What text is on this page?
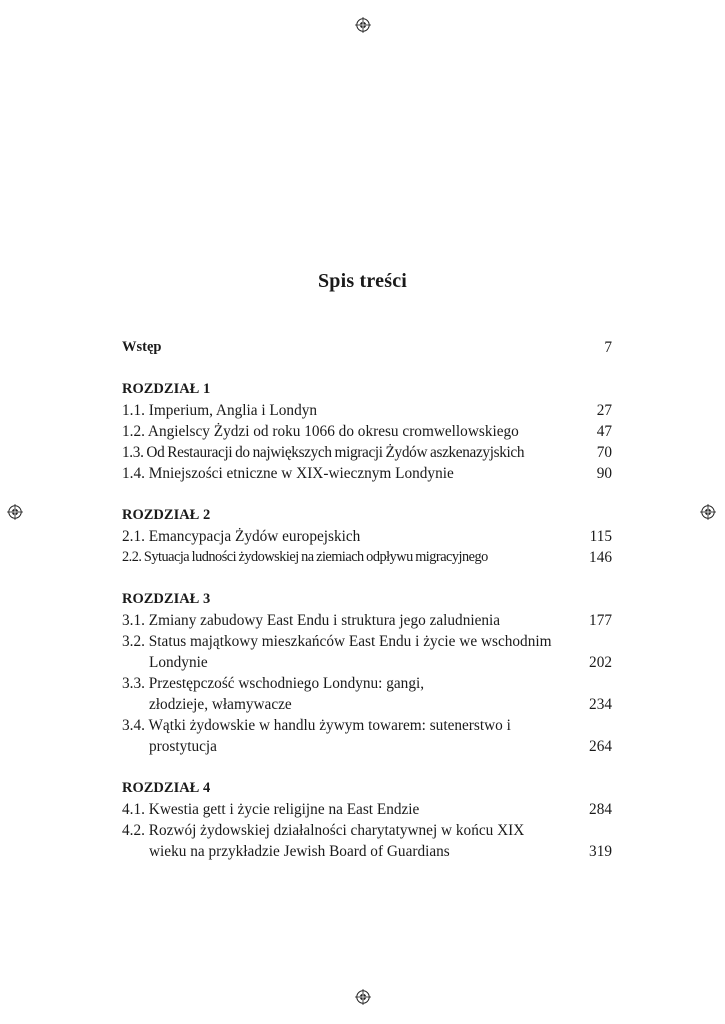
Spis treści
Wstęp	7
ROZDZIAŁ 1
1.1. Imperium, Anglia i Londyn	27
1.2. Angielscy Żydzi od roku 1066 do okresu cromwellowskiego	47
1.3. Od Restauracji do największych migracji Żydów aszkenazyjskich	70
1.4. Mniejszości etniczne w XIX-wiecznym Londynie	90
ROZDZIAŁ 2
2.1. Emancypacja Żydów europejskich	115
2.2. Sytuacja ludności żydowskiej na ziemiach odpływu migracyjnego	146
ROZDZIAŁ 3
3.1. Zmiany zabudowy East Endu i struktura jego zaludnienia	177
3.2. Status majątkowy mieszkańców East Endu i życie we wschodnim Londynie	202
3.3. Przestępczość wschodniego Londynu: gangi, złodzieje, włamywacze	234
3.4. Wątki żydowskie w handlu żywym towarem: sutenerstwo i prostytucja	264
ROZDZIAŁ 4
4.1. Kwestia gett i życie religijne na East Endzie	284
4.2. Rozwój żydowskiej działalności charytatywnej w końcu XIX wieku na przykładzie Jewish Board of Guardians	319
